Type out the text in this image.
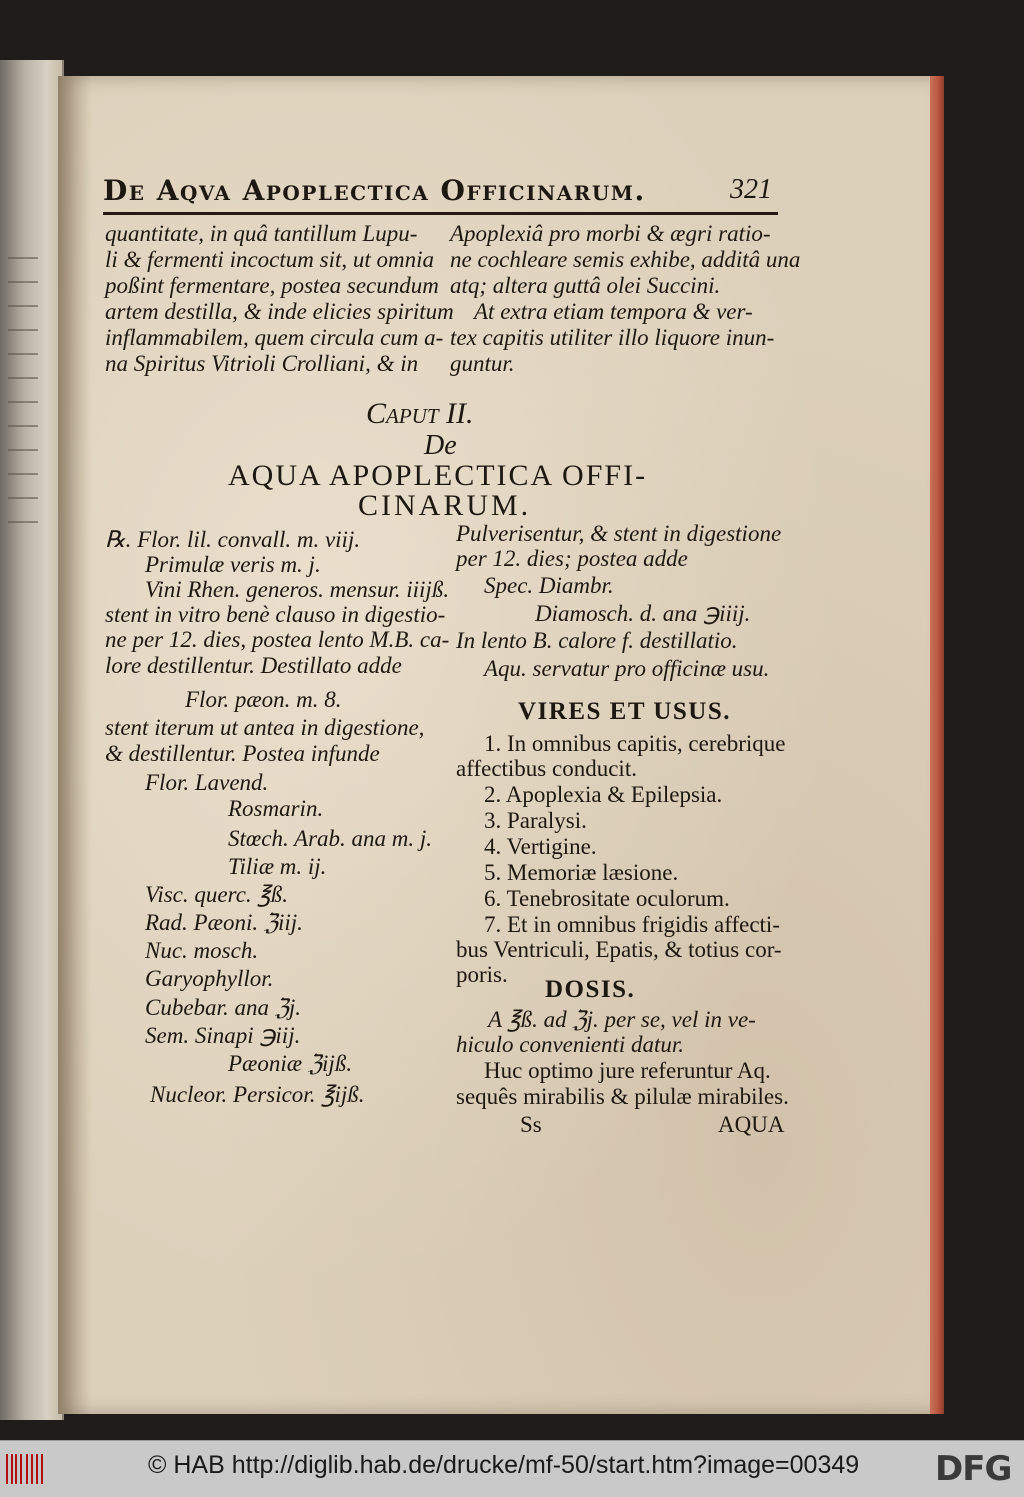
De Aqva Apoplectica Officinarum.	321
quantitate, in quâ tantillum Lupu-
li & fermenti incoctum sit, ut omnia
poßint fermentare, postea secundum
artem destilla, & inde elicies spiritum
inflammabilem, quem circula cum a-
na Spiritus Vitrioli Crolliani, & in
Apoplexiâ pro morbi & ægri ratio-
ne cochleare semis exhibe, additâ una
atq; altera guttâ olei Succini.
At extra etiam tempora & ver-
tex capitis utiliter illo liquore inun-
guntur.
Caput II.
De
AQUA APOPLECTICA OFFI-
CINARUM.
℞. Flor. lil. convall. m. viij.
Primulæ veris m. j.
Vini Rhen. generos. mensur. iiijß.
stent in vitro benè clauso in digestio-
ne per 12. dies, postea lento M.B. ca-
lore destillentur. Destillato adde
Flor. pæon. m. 8.
stent iterum ut antea in digestione,
& destillentur. Postea infunde
Flor. Lavend.
Rosmarin.
Stœch. Arab. ana m. j.
Tiliæ m. ij.
Visc. querc. ℥ß.
Rad. Pæoni. ℨiij.
Nuc. mosch.
Garyophyllor.
Cubebar. ana ℨj.
Sem. Sinapi ℈iij.
Pæoniæ ℨijß.
Nucleor. Persicor. ℥ijß.
Pulverisentur, & stent in digestione
per 12. dies; postea adde
Spec. Diambr.
Diamosch. d. ana ℈iiij.
In lento B. calore f. destillatio.
Aqu. servatur pro officinæ usu.
VIRES ET USUS.
1. In omnibus capitis, cerebrique
affectibus conducit.
2. Apoplexia & Epilepsia.
3. Paralysi.
4. Vertigine.
5. Memoriæ læsione.
6. Tenebrositate oculorum.
7. Et in omnibus frigidis affecti-
bus Ventriculi, Epatis, & totius cor-
poris.
DOSIS.
A ℥ß. ad ℨj. per se, vel in ve-
hiculo convenienti datur.
Huc optimo jure referuntur Aq.
sequês mirabilis & pilulæ mirabiles.
Ss	AQUA
© HAB http://diglib.hab.de/drucke/mf-50/start.htm?image=00349 DFG
